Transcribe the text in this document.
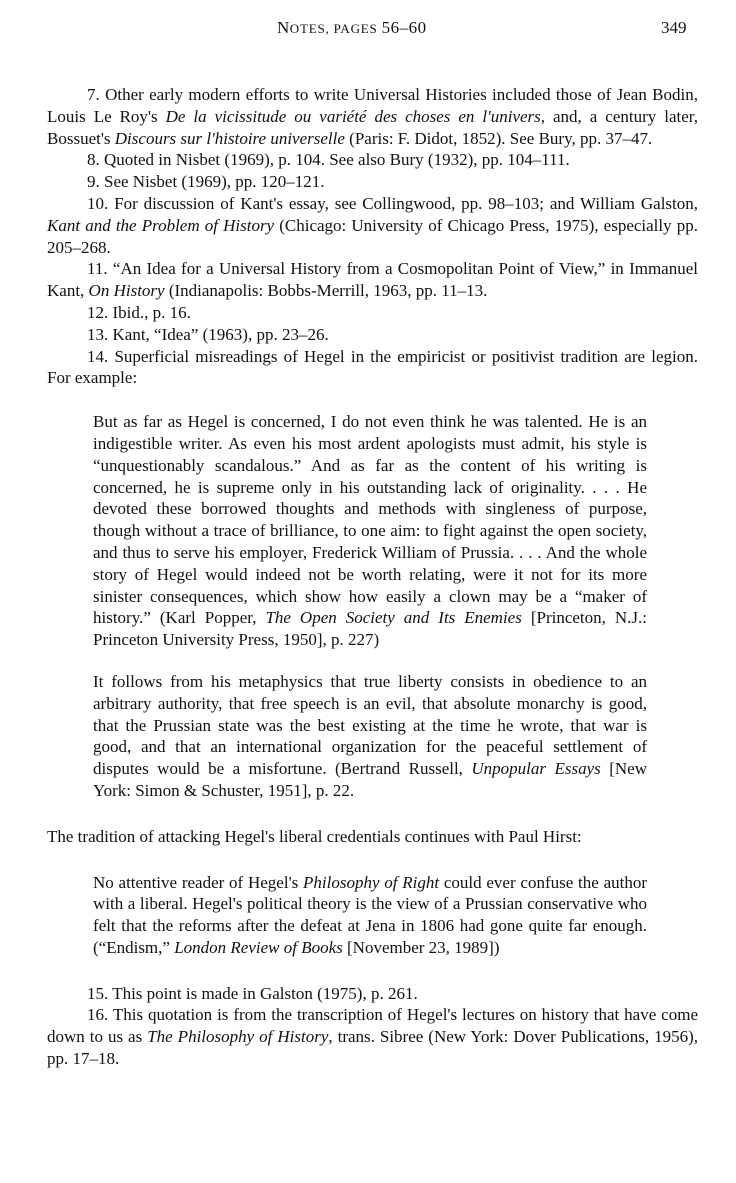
NOTES, PAGES 56–60	349

7. Other early modern efforts to write Universal Histories included those of Jean Bodin, Louis Le Roy's De la vicissitude ou variété des choses en l'univers, and, a century later, Bossuet's Discours sur l'histoire universelle (Paris: F. Didot, 1852). See Bury, pp. 37–47.

8. Quoted in Nisbet (1969), p. 104. See also Bury (1932), pp. 104–111.

9. See Nisbet (1969), pp. 120–121.

10. For discussion of Kant's essay, see Collingwood, pp. 98–103; and William Galston, Kant and the Problem of History (Chicago: University of Chicago Press, 1975), especially pp. 205–268.

11. “An Idea for a Universal History from a Cosmopolitan Point of View,” in Immanuel Kant, On History (Indianapolis: Bobbs-Merrill, 1963, pp. 11–13.

12. Ibid., p. 16.

13. Kant, “Idea” (1963), pp. 23–26.

14. Superficial misreadings of Hegel in the empiricist or positivist tradition are legion. For example:

But as far as Hegel is concerned, I do not even think he was talented. He is an indigestible writer. As even his most ardent apologists must admit, his style is “unquestionably scandalous.” And as far as the content of his writing is concerned, he is supreme only in his outstanding lack of originality. . . . He devoted these borrowed thoughts and methods with singleness of purpose, though without a trace of brilliance, to one aim: to fight against the open society, and thus to serve his employer, Frederick William of Prussia. . . . And the whole story of Hegel would indeed not be worth relating, were it not for its more sinister consequences, which show how easily a clown may be a “maker of history.” (Karl Popper, The Open Society and Its Enemies [Princeton, N.J.: Princeton University Press, 1950], p. 227)

It follows from his metaphysics that true liberty consists in obedience to an arbitrary authority, that free speech is an evil, that absolute monarchy is good, that the Prussian state was the best existing at the time he wrote, that war is good, and that an international organization for the peaceful settlement of disputes would be a misfortune. (Bertrand Russell, Unpopular Essays [New York: Simon & Schuster, 1951], p. 22.

The tradition of attacking Hegel's liberal credentials continues with Paul Hirst:

No attentive reader of Hegel's Philosophy of Right could ever confuse the author with a liberal. Hegel's political theory is the view of a Prussian conservative who felt that the reforms after the defeat at Jena in 1806 had gone quite far enough. (“Endism,” London Review of Books [November 23, 1989])

15. This point is made in Galston (1975), p. 261.

16. This quotation is from the transcription of Hegel's lectures on history that have come down to us as The Philosophy of History, trans. Sibree (New York: Dover Publications, 1956), pp. 17–18.
